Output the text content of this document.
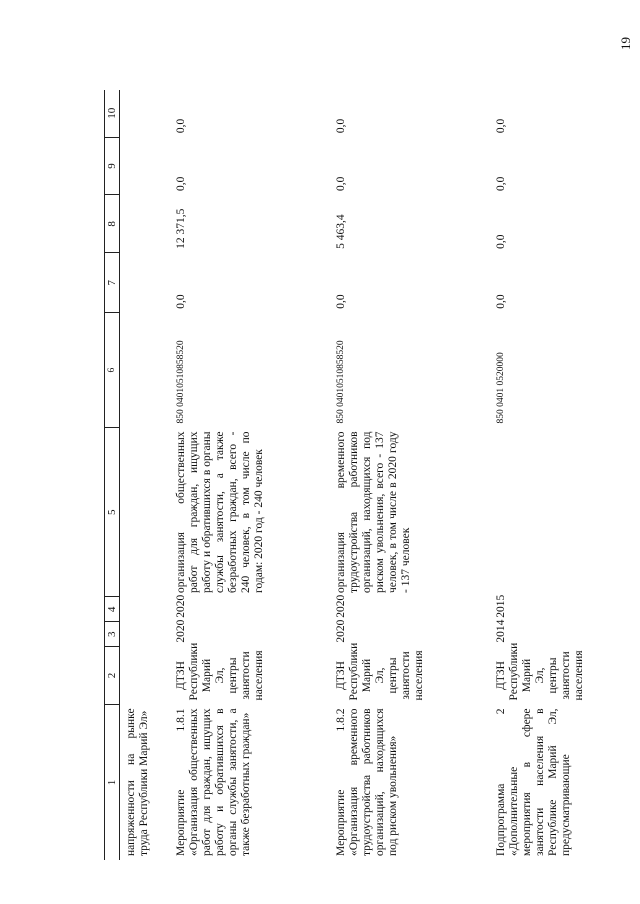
19
1	2	3	4	5	6	7	8	9	10
напряженности на рынке труда Республики Марий Эл»									
Мероприятие 1.8.1 «Организация общественных работ для граждан, ищущих работу и обратившихся в органы службы занятости, а также безработных граждан»	ДТЗН Республики Марий Эл, центры занятости населения	2020	2020	организация общественных работ для граждан, ищущих работу и обратившихся в органы службы занятости, а также безработных граждан, всего - 240 человек, в том числе по годам: 2020 год - 240 человек	850 04010510858520	0,0	12 371,5	0,0	0,0
Мероприятие 1.8.2 «Организация временного трудоустройства работников организаций, находящихся под риском увольнения»	ДТЗН Республики Марий Эл, центры занятости населения	2020	2020	организация временного трудоустройства работников организаций, находящихся под риском увольнения, всего - 137 человек, в том числе в 2020 году - 137 человек	850 04010510858520	0,0	5 463,4	0,0	0,0
Подпрограмма 2 «Дополнительные мероприятия в сфере занятости населения в Республике Марий Эл, предусматривающие	ДТЗН Республики Марий Эл, центры занятости населения	2014	2015		850 0401 0520000	0,0	0,0	0,0	0,0
